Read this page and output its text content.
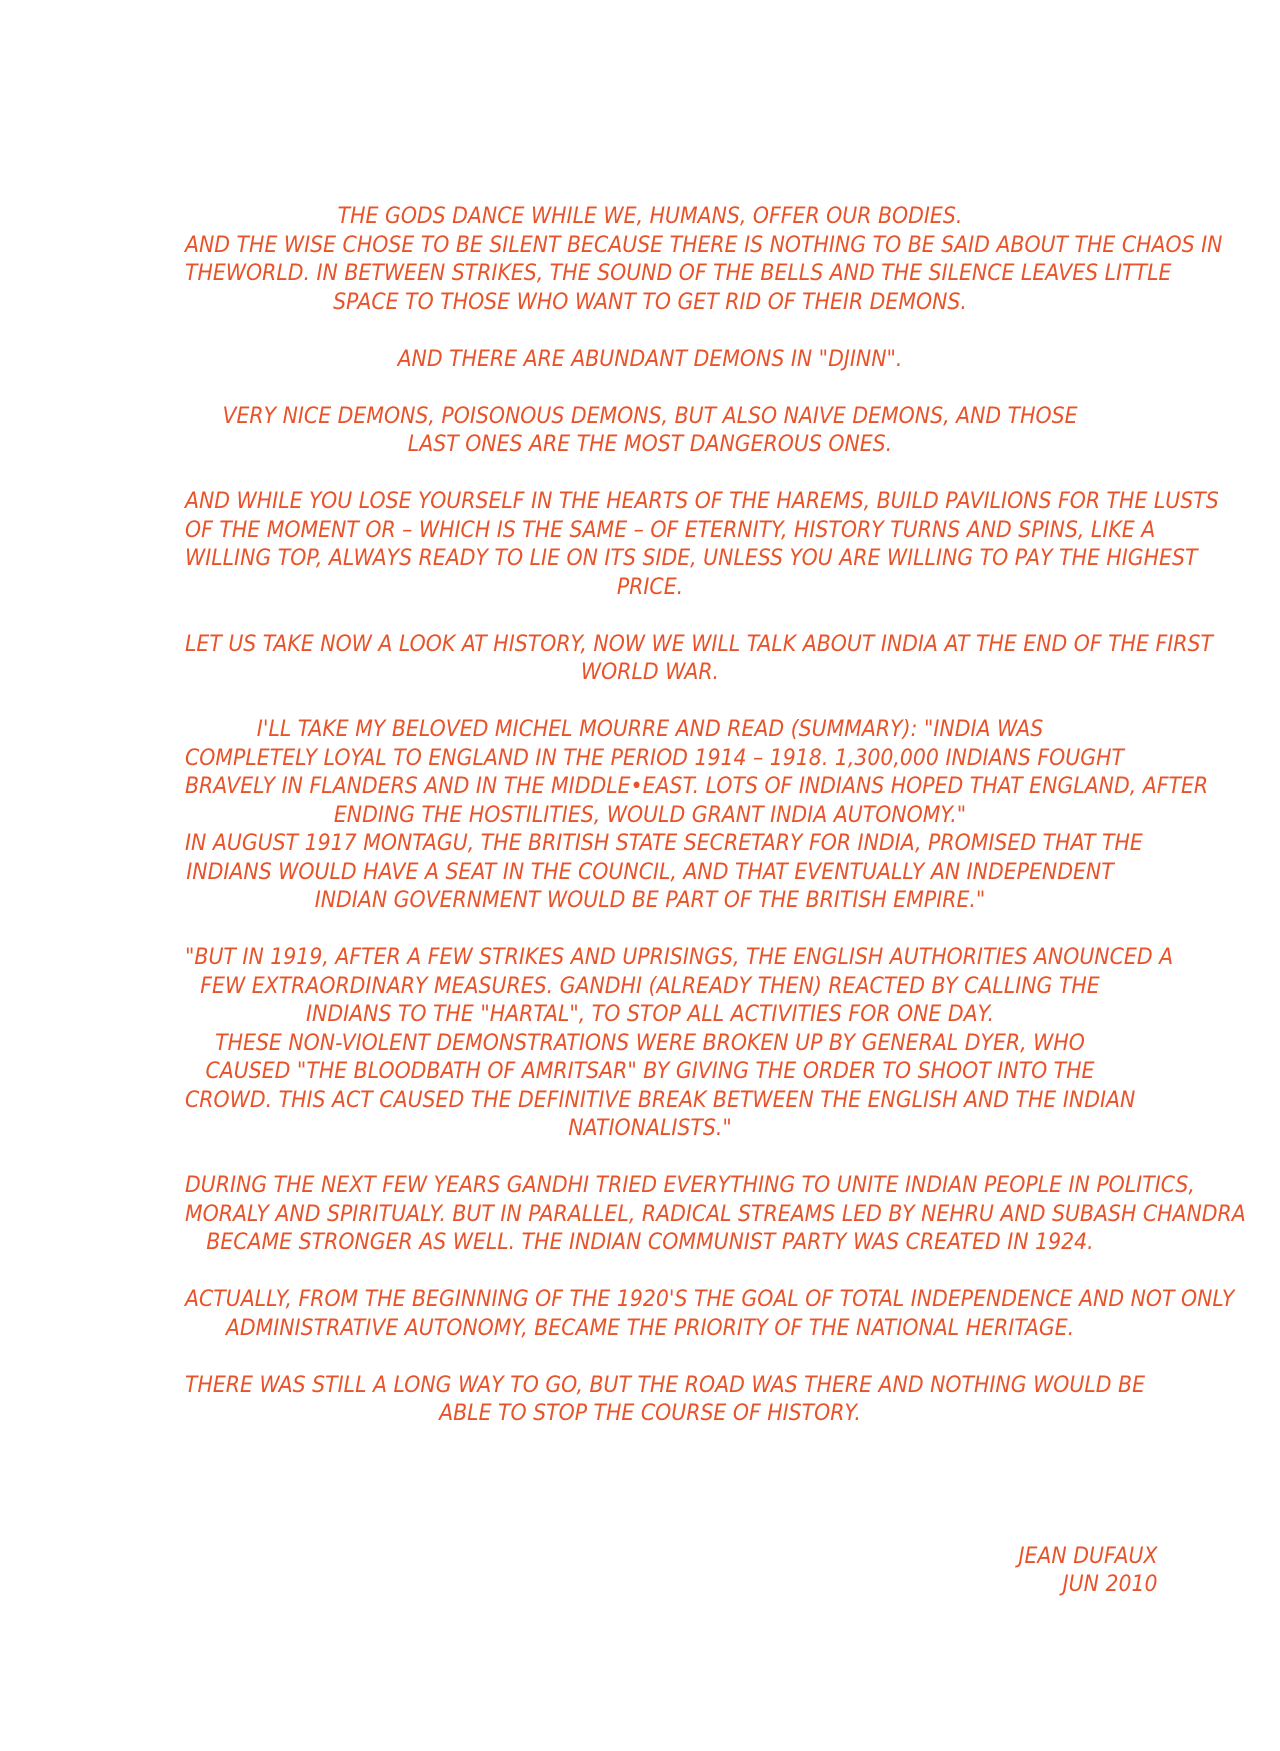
THE GODS DANCE WHILE WE, HUMANS, OFFER OUR BODIES.
AND THE WISE CHOSE TO BE SILENT BECAUSE THERE IS NOTHING TO BE SAID ABOUT THE CHAOS IN
THEWORLD. IN BETWEEN STRIKES, THE SOUND OF THE BELLS AND THE SILENCE LEAVES LITTLE
SPACE TO THOSE WHO WANT TO GET RID OF THEIR DEMONS.
AND THERE ARE ABUNDANT DEMONS IN "DJINN".
VERY NICE DEMONS, POISONOUS DEMONS, BUT ALSO NAIVE DEMONS, AND THOSE
LAST ONES ARE THE MOST DANGEROUS ONES.
AND WHILE YOU LOSE YOURSELF IN THE HEARTS OF THE HAREMS, BUILD PAVILIONS FOR THE LUSTS
OF THE MOMENT OR – WHICH IS THE SAME – OF ETERNITY, HISTORY TURNS AND SPINS, LIKE A
WILLING TOP, ALWAYS READY TO LIE ON ITS SIDE, UNLESS YOU ARE WILLING TO PAY THE HIGHEST
PRICE.
LET US TAKE NOW A LOOK AT HISTORY, NOW WE WILL TALK ABOUT INDIA AT THE END OF THE FIRST
WORLD WAR.
I'LL TAKE MY BELOVED MICHEL MOURRE AND READ (SUMMARY): "INDIA WAS
COMPLETELY LOYAL TO ENGLAND IN THE PERIOD 1914 – 1918. 1,300,000 INDIANS FOUGHT
BRAVELY IN FLANDERS AND IN THE MIDDLE•EAST. LOTS OF INDIANS HOPED THAT ENGLAND, AFTER
ENDING THE HOSTILITIES, WOULD GRANT INDIA AUTONOMY."
IN AUGUST 1917 MONTAGU, THE BRITISH STATE SECRETARY FOR INDIA, PROMISED THAT THE
INDIANS WOULD HAVE A SEAT IN THE COUNCIL, AND THAT EVENTUALLY AN INDEPENDENT
INDIAN GOVERNMENT WOULD BE PART OF THE BRITISH EMPIRE."
"BUT IN 1919, AFTER A FEW STRIKES AND UPRISINGS, THE ENGLISH AUTHORITIES ANOUNCED A
FEW EXTRAORDINARY MEASURES. GANDHI (ALREADY THEN) REACTED BY CALLING THE
INDIANS TO THE "HARTAL", TO STOP ALL ACTIVITIES FOR ONE DAY.
THESE NON-VIOLENT DEMONSTRATIONS WERE BROKEN UP BY GENERAL DYER, WHO
CAUSED "THE BLOODBATH OF AMRITSAR" BY GIVING THE ORDER TO SHOOT INTO THE
CROWD. THIS ACT CAUSED THE DEFINITIVE BREAK BETWEEN THE ENGLISH AND THE INDIAN
NATIONALISTS."
DURING THE NEXT FEW YEARS GANDHI TRIED EVERYTHING TO UNITE INDIAN PEOPLE IN POLITICS,
MORALY AND SPIRITUALY. BUT IN PARALLEL, RADICAL STREAMS LED BY NEHRU AND SUBASH CHANDRA
BECAME STRONGER AS WELL. THE INDIAN COMMUNIST PARTY WAS CREATED IN 1924.
ACTUALLY, FROM THE BEGINNING OF THE 1920'S THE GOAL OF TOTAL INDEPENDENCE AND NOT ONLY
ADMINISTRATIVE AUTONOMY, BECAME THE PRIORITY OF THE NATIONAL HERITAGE.
THERE WAS STILL A LONG WAY TO GO, BUT THE ROAD WAS THERE AND NOTHING WOULD BE
ABLE TO STOP THE COURSE OF HISTORY.
JEAN DUFAUX
JUN 2010
